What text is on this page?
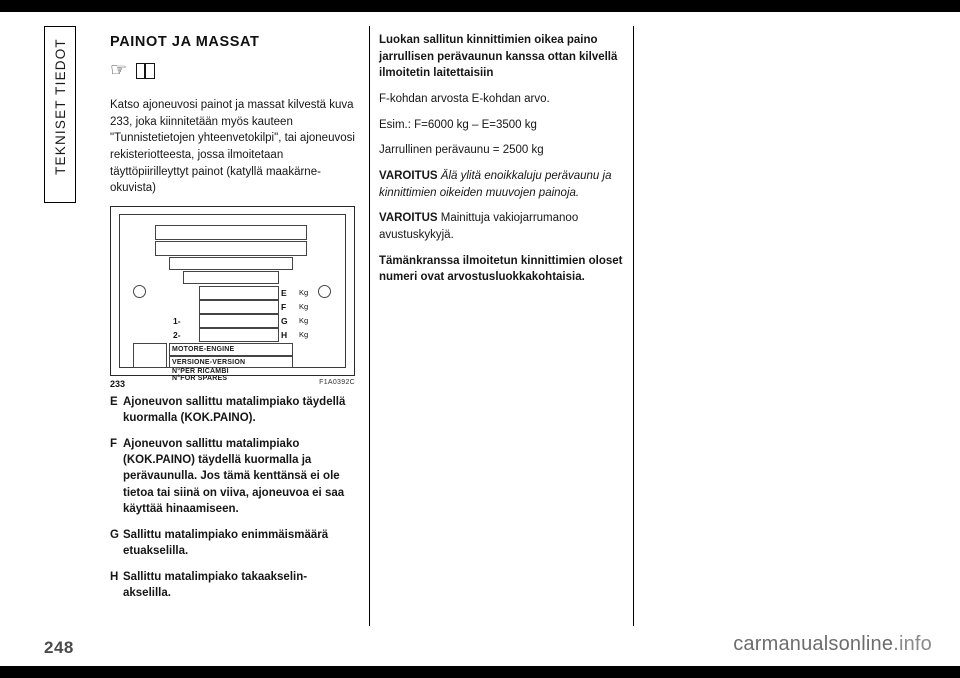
TEKNISET TIEDOT	PAINOT JA MASSAT
☞

Katso ajoneuvosi painot ja massat kilvestä kuva 233, joka kiinnitetään myös kauteen "Tunnistetietojen yhteenvetokilpi", tai ajoneuvosi rekisteriotteesta, jossa ilmoitetaan täyttöpiirilleyttyt painot (katyllä maakärne-okuvista)

E
F
G
H
Kg
Kg
Kg
Kg
1-
2-
MOTORE-ENGINE
VERSIONE-VERSION
N°PER RICAMBI
N°FOR SPARES
233	F1A0392C
E Ajoneuvon sallittu matalimpiako täydellä kuormalla (KOK.PAINO).
F Ajoneuvon sallittu matalimpiako (KOK.PAINO) täydellä kuormalla ja perävaunulla. Jos tämä kenttänsä ei ole tietoa tai siinä on viiva, ajoneuvoa ei saa käyttää hinaamiseen.
G Sallittu matalimpiako enimmäismäärä etuakselilla.
H Sallittu matalimpiako takaakselin-akselilla.

Luokan sallitun kinnittimien oikea paino jarrullisen perävaunun kanssa ottan kilvellä ilmoitetin laitettaisiin

F-kohdan arvosta E-kohdan arvo.

Esim.: F=6000 kg – E=3500 kg

Jarrullinen perävaunu = 2500 kg

VAROITUS Älä ylitä enoikkaluju perävaunu ja kinnittimien oikeiden muuvojen painoja.

VAROITUS Mainittuja vakiojarrumanoo avustuskykyjä.

Tämänkranssa ilmoitetun kinnittimien oloset numeri ovat arvostusluokkakohtaisia.

248	carmanualsonline.info
